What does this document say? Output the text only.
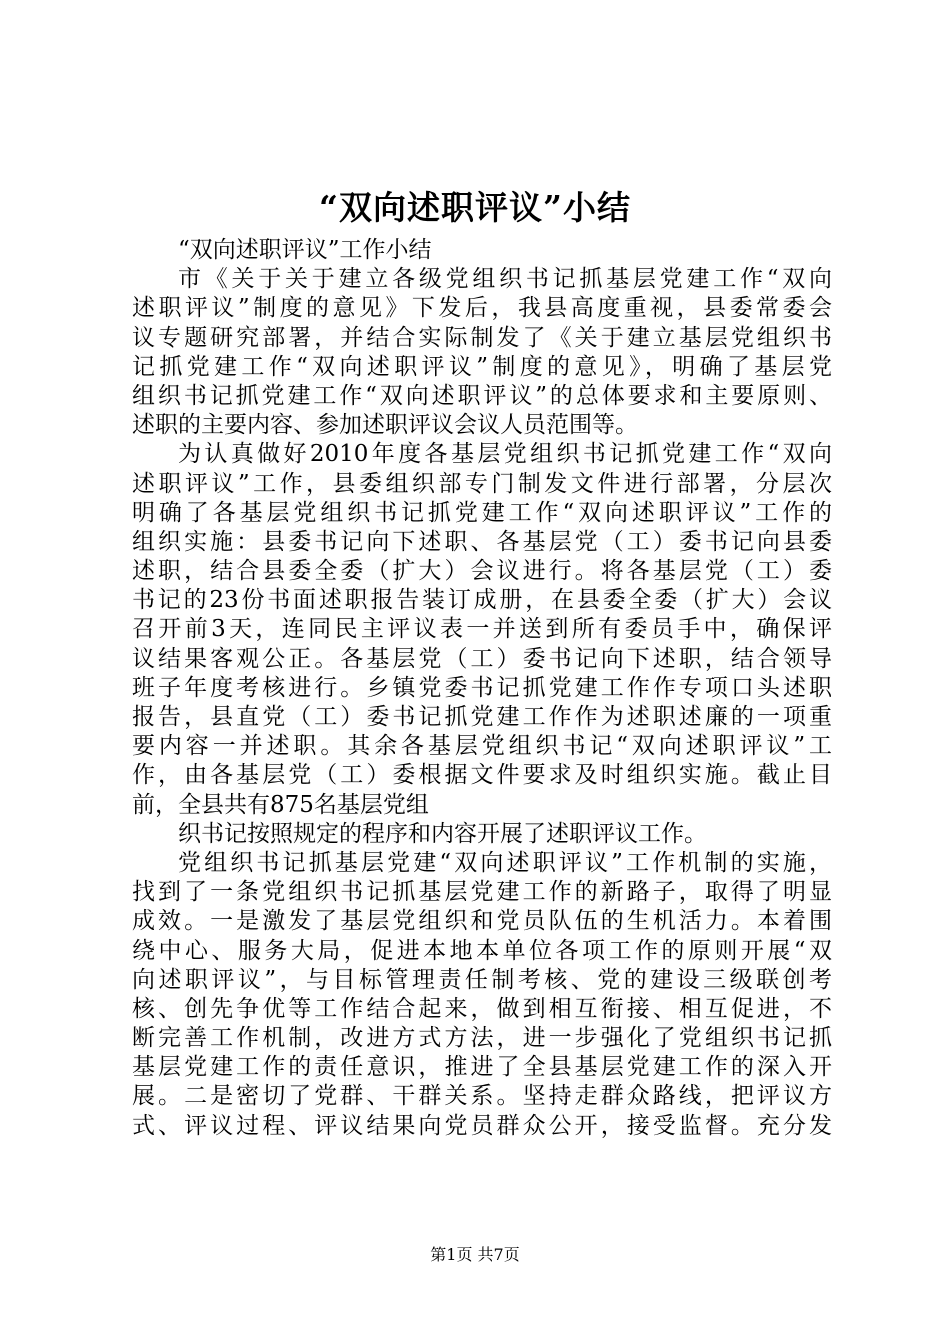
“双向述职评议”小结
“双向述职评议”工作小结
市《关于关于建立各级党组织书记抓基层党建工作“双向
述职评议”制度的意见》下发后，我县高度重视，县委常委会
议专题研究部署，并结合实际制发了《关于建立基层党组织书
记抓党建工作“双向述职评议”制度的意见》，明确了基层党
组织书记抓党建工作“双向述职评议”的总体要求和主要原则、
述职的主要内容、参加述职评议会议人员范围等。
为认真做好2010年度各基层党组织书记抓党建工作“双向
述职评议”工作，县委组织部专门制发文件进行部署，分层次
明确了各基层党组织书记抓党建工作“双向述职评议”工作的
组织实施：县委书记向下述职、各基层党（工）委书记向县委
述职，结合县委全委（扩大）会议进行。将各基层党（工）委
书记的23份书面述职报告装订成册，在县委全委（扩大）会议
召开前3天，连同民主评议表一并送到所有委员手中，确保评
议结果客观公正。各基层党（工）委书记向下述职，结合领导
班子年度考核进行。乡镇党委书记抓党建工作作专项口头述职
报告，县直党（工）委书记抓党建工作作为述职述廉的一项重
要内容一并述职。其余各基层党组织书记“双向述职评议”工
作，由各基层党（工）委根据文件要求及时组织实施。截止目
前，全县共有875名基层党组
织书记按照规定的程序和内容开展了述职评议工作。
党组织书记抓基层党建“双向述职评议”工作机制的实施，
找到了一条党组织书记抓基层党建工作的新路子，取得了明显
成效。一是激发了基层党组织和党员队伍的生机活力。本着围
绕中心、服务大局，促进本地本单位各项工作的原则开展“双
向述职评议”，与目标管理责任制考核、党的建设三级联创考
核、创先争优等工作结合起来，做到相互衔接、相互促进，不
断完善工作机制，改进方式方法，进一步强化了党组织书记抓
基层党建工作的责任意识，推进了全县基层党建工作的深入开
展。二是密切了党群、干群关系。坚持走群众路线，把评议方
式、评议过程、评议结果向党员群众公开，接受监督。充分发
第1页 共7页
